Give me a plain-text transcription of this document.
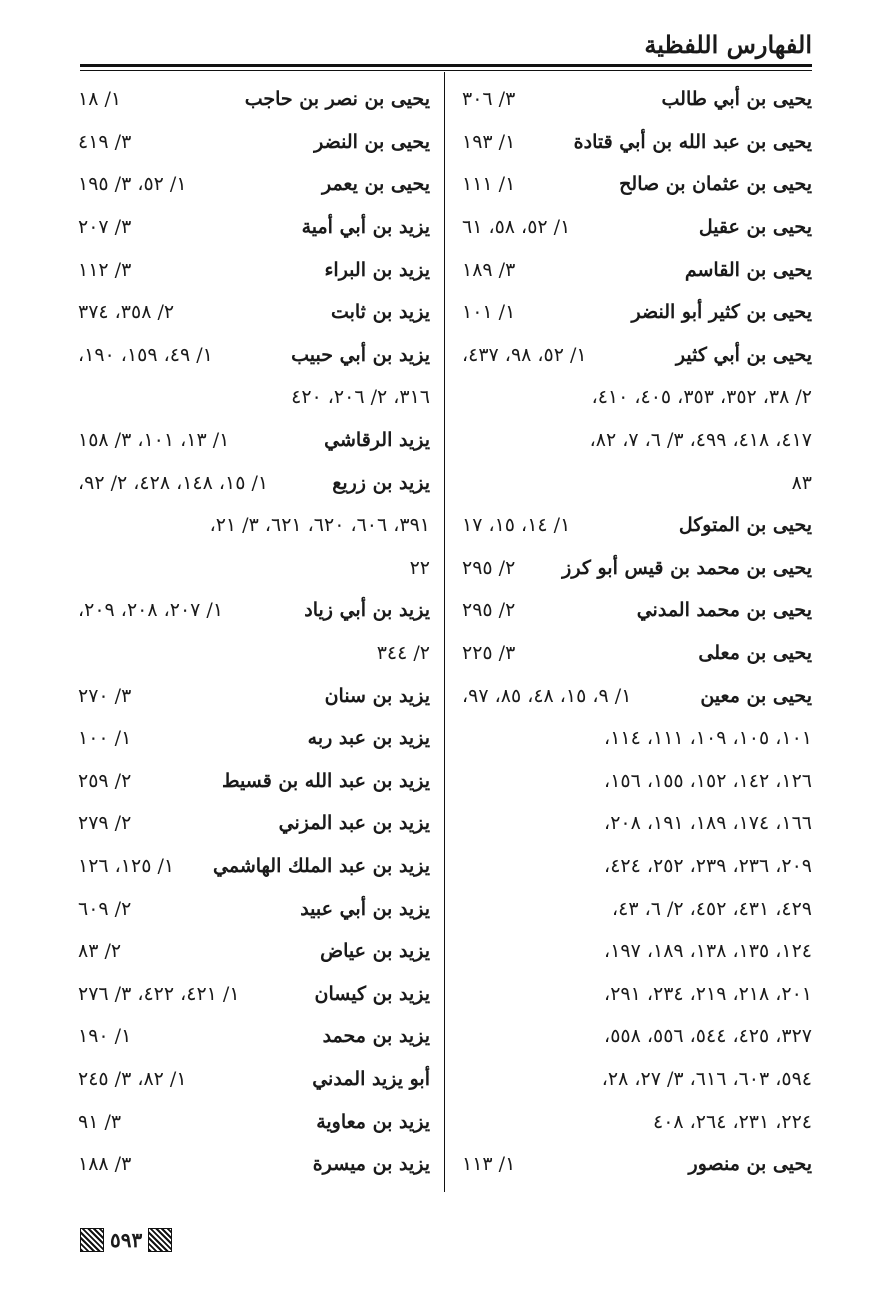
الفهارس اللفظية
يحيى بن أبي طالب
٣/ ٣٠٦
يحيى بن عبد الله بن أبي قتادة
١/ ١٩٣
يحيى بن عثمان بن صالح
١/ ١١١
يحيى بن عقيل
١/ ٥٢، ٥٨، ٦١
يحيى بن القاسم
٣/ ١٨٩
يحيى بن كثير أبو النضر
١/ ١٠١
يحيى بن أبي كثير
١/ ٥٢، ٩٨، ٤٣٧،
٢/ ٣٨، ٣٥٢، ٣٥٣، ٤٠٥، ٤١٠،
٤١٧، ٤١٨، ٤٩٩، ٣/ ٦، ٧، ٨٢،
٨٣
يحيى بن المتوكل
١/ ١٤، ١٥، ١٧
يحيى بن محمد بن قيس أبو كرز
٢/ ٢٩٥
يحيى بن محمد المدني
٢/ ٢٩٥
يحيى بن معلى
٣/ ٢٢٥
يحيى بن معين
١/ ٩، ١٥، ٤٨، ٨٥، ٩٧،
١٠١، ١٠٥، ١٠٩، ١١١، ١١٤،
١٢٦، ١٤٢، ١٥٢، ١٥٥، ١٥٦،
١٦٦، ١٧٤، ١٨٩، ١٩١، ٢٠٨،
٢٠٩، ٢٣٦، ٢٣٩، ٢٥٢، ٤٢٤،
٤٢٩، ٤٣١، ٤٥٢، ٢/ ٦، ٤٣،
١٢٤، ١٣٥، ١٣٨، ١٨٩، ١٩٧،
٢٠١، ٢١٨، ٢١٩، ٢٣٤، ٢٩١،
٣٢٧، ٤٢٥، ٥٤٤، ٥٥٦، ٥٥٨،
٥٩٤، ٦٠٣، ٦١٦، ٣/ ٢٧، ٢٨،
٢٢٤، ٢٣١، ٢٦٤، ٤٠٨
يحيى بن منصور
١/ ١١٣
يحيى بن نصر بن حاجب
١/ ١٨
يحيى بن النضر
٣/ ٤١٩
يحيى بن يعمر
١/ ٥٢، ٣/ ١٩٥
يزيد بن أبي أمية
٣/ ٢٠٧
يزيد بن البراء
٣/ ١١٢
يزيد بن ثابت
٢/ ٣٥٨، ٣٧٤
يزيد بن أبي حبيب
١/ ٤٩، ١٥٩، ١٩٠،
٣١٦، ٢/ ٢٠٦، ٤٢٠
يزيد الرقاشي
١/ ١٣، ١٠١، ٣/ ١٥٨
يزيد بن زريع
١/ ١٥، ١٤٨، ٤٢٨، ٢/ ٩٢،
٣٩١، ٦٠٦، ٦٢٠، ٦٢١، ٣/ ٢١،
٢٢
يزيد بن أبي زياد
١/ ٢٠٧، ٢٠٨، ٢٠٩،
٢/ ٣٤٤
يزيد بن سنان
٣/ ٢٧٠
يزيد بن عبد ربه
١/ ١٠٠
يزيد بن عبد الله بن قسيط
٢/ ٢٥٩
يزيد بن عبد المزني
٢/ ٢٧٩
يزيد بن عبد الملك الهاشمي
١/ ١٢٥، ١٢٦
يزيد بن أبي عبيد
٢/ ٦٠٩
يزيد بن عياض
٢/ ٨٣
يزيد بن كيسان
١/ ٤٢١، ٤٢٢، ٣/ ٢٧٦
يزيد بن محمد
١/ ١٩٠
أبو يزيد المدني
١/ ٨٢، ٣/ ٢٤٥
يزيد بن معاوية
٣/ ٩١
يزيد بن ميسرة
٣/ ١٨٨
٥٩٣
